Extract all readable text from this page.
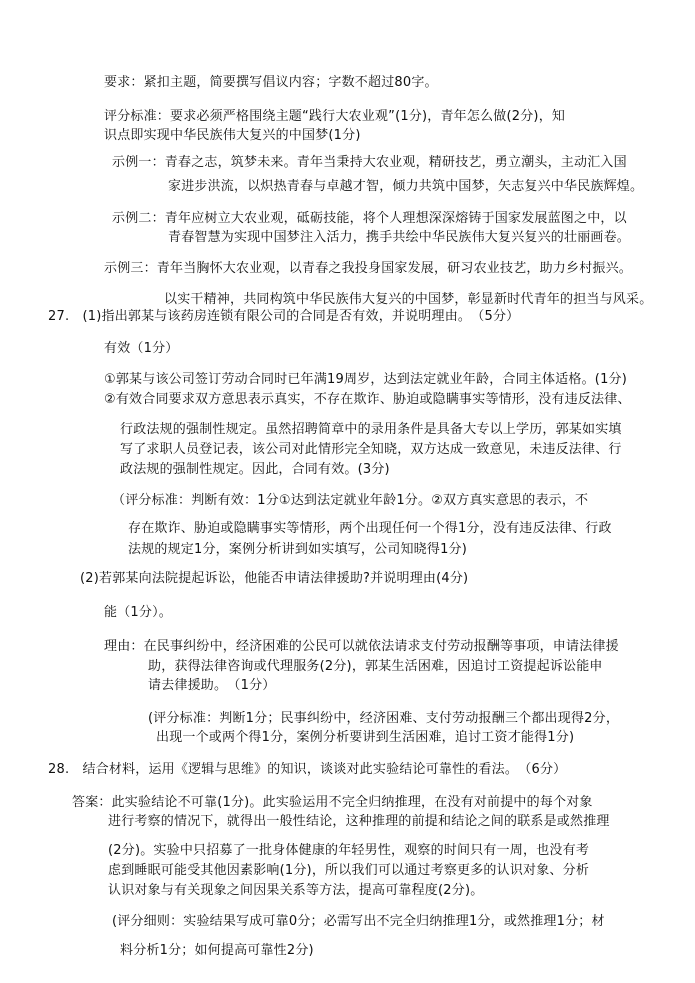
要求：紧扣主题，简要撰写倡议内容；字数不超过80字。
评分标准：要求必须严格围绕主题“践行大农业观”(1分)，青年怎么做(2分)，知
识点即实现中华民族伟大复兴的中国梦(1分)
示例一：青春之志，筑梦未来。青年当秉持大农业观，精研技艺，勇立潮头，主动汇入国
家进步洪流，以炽热青春与卓越才智，倾力共筑中国梦，矢志复兴中华民族辉煌。
示例二：青年应树立大农业观，砥砺技能，将个人理想深深熔铸于国家发展蓝图之中，以
青春智慧为实现中国梦注入活力，携手共绘中华民族伟大复兴复兴的壮丽画卷。
示例三：青年当胸怀大农业观，以青春之我投身国家发展，研习农业技艺，助力乡村振兴。
以实干精神，共同构筑中华民族伟大复兴的中国梦，彰显新时代青年的担当与风采。
27.　(1)指出郭某与该药房连锁有限公司的合同是否有效，并说明理由。　（5分）
有效（1分）
①郭某与该公司签订劳动合同时已年满19周岁，达到法定就业年龄，合同主体适格。(1分)
②有效合同要求双方意思表示真实，不存在欺诈、胁迫或隐瞒事实等情形，没有违反法律、
行政法规的强制性规定。虽然招聘简章中的录用条件是具备大专以上学历，郭某如实填
写了求职人员登记表，该公司对此情形完全知晓，双方达成一致意见，未违反法律、行
政法规的强制性规定。因此，合同有效。(3分)
（评分标准：判断有效：1分①达到法定就业年龄1分。②双方真实意思的表示，不
存在欺诈、胁迫或隐瞒事实等情形，两个出现任何一个得1分，没有违反法律、行政
法规的规定1分，案例分析讲到如实填写，公司知晓得1分)
(2)若郭某向法院提起诉讼，他能否申请法律援助?并说明理由(4分)
能（1分）。
理由：在民事纠纷中，经济困难的公民可以就依法请求支付劳动报酬等事项，申请法律援
助，获得法律咨询或代理服务(2分)，郭某生活困难，因追讨工资提起诉讼能申
请去律援助。　（1分）
(评分标准：判断1分；民事纠纷中，经济困难、支付劳动报酬三个都出现得2分，
出现一个或两个得1分，案例分析要讲到生活困难，追讨工资才能得1分)
28.　结合材料，运用《逻辑与思维》的知识，谈谈对此实验结论可靠性的看法。　（6分）
答案：此实验结论不可靠(1分)。此实验运用不完全归纳推理，在没有对前提中的每个对象
进行考察的情况下，就得出一般性结论，这种推理的前提和结论之间的联系是或然推理
(2分)。实验中只招募了一批身体健康的年轻男性，观察的时间只有一周，也没有考
虑到睡眠可能受其他因素影响(1分)，所以我们可以通过考察更多的认识对象、分析
认识对象与有关现象之间因果关系等方法，提高可靠程度(2分)。
(评分细则：实验结果写成可靠0分；必需写出不完全归纳推理1分，或然推理1分；材
料分析1分；如何提高可靠性2分)
